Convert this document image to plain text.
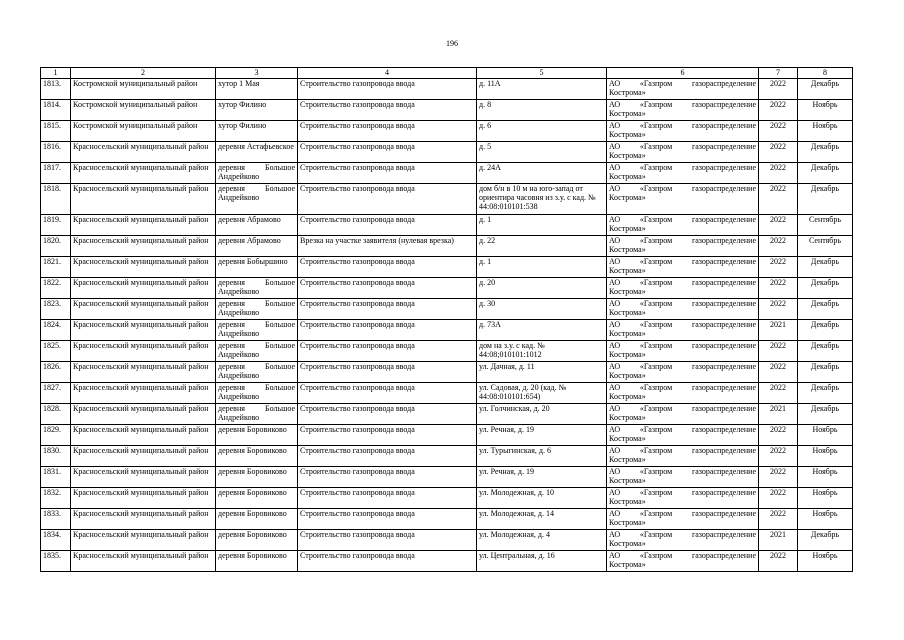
196
1	2	3	4	5	6	7	8
1813.	Костромской муниципальный район	хутор 1 Мая	Строительство газопровода ввода	д. 11А	АО «Газпром газораспределение Кострома»	2022	Декабрь
1814.	Костромской муниципальный район	хутор Филино	Строительство газопровода ввода	д. 8	АО «Газпром газораспределение Кострома»	2022	Ноябрь
1815.	Костромской муниципальный район	хутор Филино	Строительство газопровода ввода	д. 6	АО «Газпром газораспределение Кострома»	2022	Ноябрь
1816.	Красносельский муниципальный район	деревня Астафьевское	Строительство газопровода ввода	д. 5	АО «Газпром газораспределение Кострома»	2022	Декабрь
1817.	Красносельский муниципальный район	деревня Большое Андрейково	Строительство газопровода ввода	д. 24А	АО «Газпром газораспределение Кострома»	2022	Декабрь
1818.	Красносельский муниципальный район	деревня Большое Андрейково	Строительство газопровода ввода	дом б/н в 10 м на юго-запад от ориентира часовня из з.у. с кад. № 44:08:010101:538	АО «Газпром газораспределение Кострома»	2022	Декабрь
1819.	Красносельский муниципальный район	деревня Абрамово	Строительство газопровода ввода	д. 1	АО «Газпром газораспределение Кострома»	2022	Сентябрь
1820.	Красносельский муниципальный район	деревня Абрамово	Врезка на участке заявителя (нулевая врезка)	д. 22	АО «Газпром газораспределение Кострома»	2022	Сентябрь
1821.	Красносельский муниципальный район	деревня Бобыршино	Строительство газопровода ввода	д. 1	АО «Газпром газораспределение Кострома»	2022	Декабрь
1822.	Красносельский муниципальный район	деревня Большое Андрейково	Строительство газопровода ввода	д. 20	АО «Газпром газораспределение Кострома»	2022	Декабрь
1823.	Красносельский муниципальный район	деревня Большое Андрейково	Строительство газопровода ввода	д. 30	АО «Газпром газораспределение Кострома»	2022	Декабрь
1824.	Красносельский муниципальный район	деревня Большое Андрейково	Строительство газопровода ввода	д. 73А	АО «Газпром газораспределение Кострома»	2021	Декабрь
1825.	Красносельский муниципальный район	деревня Большое Андрейково	Строительство газопровода ввода	дом на з.у. с кад. № 44:08;010101:1012	АО «Газпром газораспределение Кострома»	2022	Декабрь
1826.	Красносельский муниципальный район	деревня Большое Андрейково	Строительство газопровода ввода	ул. Дачная, д. 11	АО «Газпром газораспределение Кострома»	2022	Декабрь
1827.	Красносельский муниципальный район	деревня Большое Андрейково	Строительство газопровода ввода	ул. Садовая, д. 20 (кад. № 44:08:010101:654)	АО «Газпром газораспределение Кострома»	2022	Декабрь
1828.	Красносельский муниципальный район	деревня Большое Андрейково	Строительство газопровода ввода	ул. Голчинская, д. 20	АО «Газпром газораспределение Кострома»	2021	Декабрь
1829.	Красносельский муниципальный район	деревня Боровиково	Строительство газопровода ввода	ул. Речная, д. 19	АО «Газпром газораспределение Кострома»	2022	Ноябрь
1830.	Красносельский муниципальный район	деревня Боровиково	Строительство газопровода ввода	ул. Турыгинская, д. 6	АО «Газпром газораспределение Кострома»	2022	Ноябрь
1831.	Красносельский муниципальный район	деревня Боровиково	Строительство газопровода ввода	ул. Речная, д. 19	АО «Газпром газораспределение Кострома»	2022	Ноябрь
1832.	Красносельский муниципальный район	деревня Боровиково	Строительство газопровода ввода	ул. Молодежная, д. 10	АО «Газпром газораспределение Кострома»	2022	Ноябрь
1833.	Красносельский муниципальный район	деревня Боровиково	Строительство газопровода ввода	ул. Молодежная, д. 14	АО «Газпром газораспределение Кострома»	2022	Ноябрь
1834.	Красносельский муниципальный район	деревня Боровиково	Строительство газопровода ввода	ул. Молодежная, д. 4	АО «Газпром газораспределение Кострома»	2021	Декабрь
1835.	Красносельский муниципальный район	деревня Боровиково	Строительство газопровода ввода	ул. Центральная, д. 16	АО «Газпром газораспределение Кострома»	2022	Ноябрь
